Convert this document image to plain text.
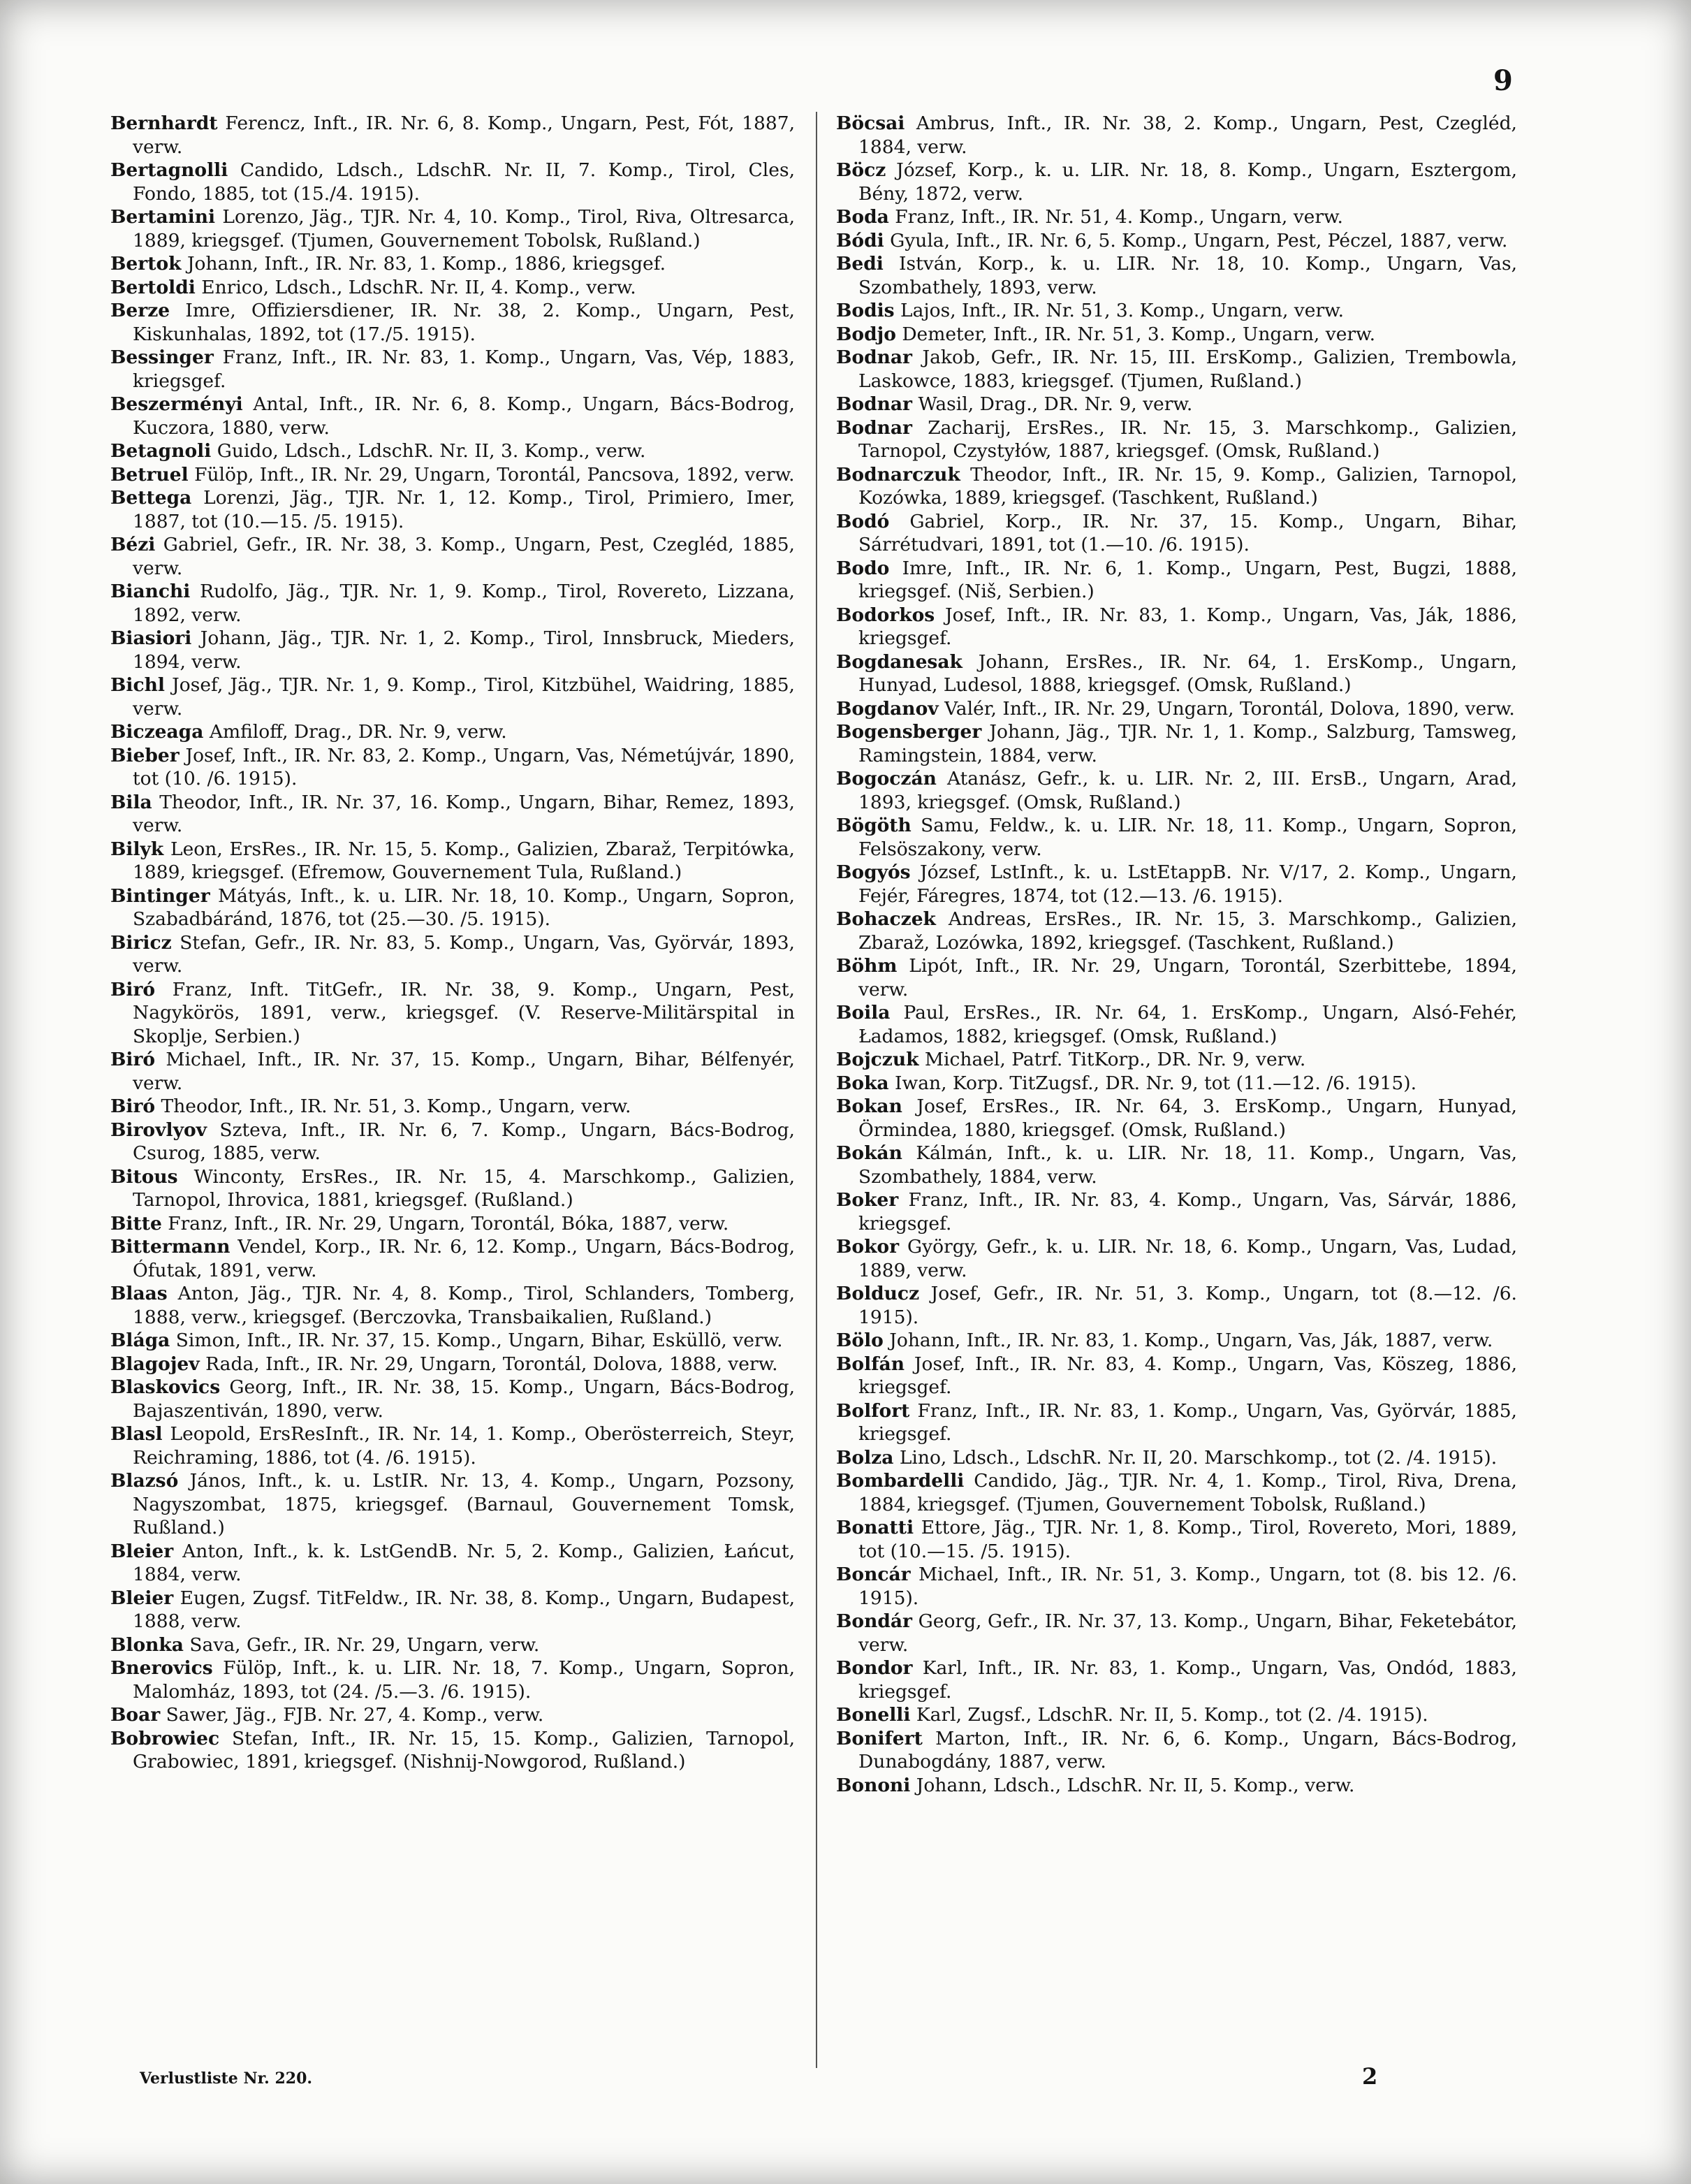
9
Bernhardt Ferencz, Inft., IR. Nr. 6, 8. Komp., Ungarn, Pest, Fót, 1887, verw.
Bertagnolli Candido, Ldsch., LdschR. Nr. II, 7. Komp., Tirol, Cles, Fondo, 1885, tot (15./4. 1915).
Bertamini Lorenzo, Jäg., TJR. Nr. 4, 10. Komp., Tirol, Riva, Oltresarca, 1889, kriegsgef. (Tjumen, Gouvernement Tobolsk, Rußland.)
Bertok Johann, Inft., IR. Nr. 83, 1. Komp., 1886, kriegsgef.
Bertoldi Enrico, Ldsch., LdschR. Nr. II, 4. Komp., verw.
Berze Imre, Offiziersdiener, IR. Nr. 38, 2. Komp., Ungarn, Pest, Kiskunhalas, 1892, tot (17./5. 1915).
Bessinger Franz, Inft., IR. Nr. 83, 1. Komp., Ungarn, Vas, Vép, 1883, kriegsgef.
Beszerményi Antal, Inft., IR. Nr. 6, 8. Komp., Ungarn, Bács-Bodrog, Kuczora, 1880, verw.
Betagnoli Guido, Ldsch., LdschR. Nr. II, 3. Komp., verw.
Betruel Fülöp, Inft., IR. Nr. 29, Ungarn, Torontál, Pancsova, 1892, verw.
Bettega Lorenzi, Jäg., TJR. Nr. 1, 12. Komp., Tirol, Primiero, Imer, 1887, tot (10.—15. /5. 1915).
Bézi Gabriel, Gefr., IR. Nr. 38, 3. Komp., Ungarn, Pest, Czegléd, 1885, verw.
Bianchi Rudolfo, Jäg., TJR. Nr. 1, 9. Komp., Tirol, Rovereto, Lizzana, 1892, verw.
Biasiori Johann, Jäg., TJR. Nr. 1, 2. Komp., Tirol, Innsbruck, Mieders, 1894, verw.
Bichl Josef, Jäg., TJR. Nr. 1, 9. Komp., Tirol, Kitzbühel, Waidring, 1885, verw.
Biczeaga Amfiloff, Drag., DR. Nr. 9, verw.
Bieber Josef, Inft., IR. Nr. 83, 2. Komp., Ungarn, Vas, Németújvár, 1890, tot (10. /6. 1915).
Bila Theodor, Inft., IR. Nr. 37, 16. Komp., Ungarn, Bihar, Remez, 1893, verw.
Bilyk Leon, ErsRes., IR. Nr. 15, 5. Komp., Galizien, Zbaraž, Terpitówka, 1889, kriegsgef. (Efremow, Gouvernement Tula, Rußland.)
Bintinger Mátyás, Inft., k. u. LIR. Nr. 18, 10. Komp., Ungarn, Sopron, Szabadbáránd, 1876, tot (25.—30. /5. 1915).
Biricz Stefan, Gefr., IR. Nr. 83, 5. Komp., Ungarn, Vas, Györvár, 1893, verw.
Biró Franz, Inft. TitGefr., IR. Nr. 38, 9. Komp., Ungarn, Pest, Nagykörös, 1891, verw., kriegsgef. (V. Reserve-Militärspital in Skoplje, Serbien.)
Biró Michael, Inft., IR. Nr. 37, 15. Komp., Ungarn, Bihar, Bélfenyér, verw.
Biró Theodor, Inft., IR. Nr. 51, 3. Komp., Ungarn, verw.
Birovlyov Szteva, Inft., IR. Nr. 6, 7. Komp., Ungarn, Bács-Bodrog, Csurog, 1885, verw.
Bitous Winconty, ErsRes., IR. Nr. 15, 4. Marschkomp., Galizien, Tarnopol, Ihrovica, 1881, kriegsgef. (Rußland.)
Bitte Franz, Inft., IR. Nr. 29, Ungarn, Torontál, Bóka, 1887, verw.
Bittermann Vendel, Korp., IR. Nr. 6, 12. Komp., Ungarn, Bács-Bodrog, Ófutak, 1891, verw.
Blaas Anton, Jäg., TJR. Nr. 4, 8. Komp., Tirol, Schlanders, Tomberg, 1888, verw., kriegsgef. (Berczovka, Transbaikalien, Rußland.)
Blága Simon, Inft., IR. Nr. 37, 15. Komp., Ungarn, Bihar, Esküllö, verw.
Blagojev Rada, Inft., IR. Nr. 29, Ungarn, Torontál, Dolova, 1888, verw.
Blaskovics Georg, Inft., IR. Nr. 38, 15. Komp., Ungarn, Bács-Bodrog, Bajaszentiván, 1890, verw.
Blasl Leopold, ErsResInft., IR. Nr. 14, 1. Komp., Oberösterreich, Steyr, Reichraming, 1886, tot (4. /6. 1915).
Blazsó János, Inft., k. u. LstIR. Nr. 13, 4. Komp., Ungarn, Pozsony, Nagyszombat, 1875, kriegsgef. (Barnaul, Gouvernement Tomsk, Rußland.)
Bleier Anton, Inft., k. k. LstGendB. Nr. 5, 2. Komp., Galizien, Łańcut, 1884, verw.
Bleier Eugen, Zugsf. TitFeldw., IR. Nr. 38, 8. Komp., Ungarn, Budapest, 1888, verw.
Blonka Sava, Gefr., IR. Nr. 29, Ungarn, verw.
Bnerovics Fülöp, Inft., k. u. LIR. Nr. 18, 7. Komp., Ungarn, Sopron, Malomház, 1893, tot (24. /5.—3. /6. 1915).
Boar Sawer, Jäg., FJB. Nr. 27, 4. Komp., verw.
Bobrowiec Stefan, Inft., IR. Nr. 15, 15. Komp., Galizien, Tarnopol, Grabowiec, 1891, kriegsgef. (Nishnij-Nowgorod, Rußland.)
Böcsai Ambrus, Inft., IR. Nr. 38, 2. Komp., Ungarn, Pest, Czegléd, 1884, verw.
Böcz József, Korp., k. u. LIR. Nr. 18, 8. Komp., Ungarn, Esztergom, Bény, 1872, verw.
Boda Franz, Inft., IR. Nr. 51, 4. Komp., Ungarn, verw.
Bódi Gyula, Inft., IR. Nr. 6, 5. Komp., Ungarn, Pest, Péczel, 1887, verw.
Bedi István, Korp., k. u. LIR. Nr. 18, 10. Komp., Ungarn, Vas, Szombathely, 1893, verw.
Bodis Lajos, Inft., IR. Nr. 51, 3. Komp., Ungarn, verw.
Bodjo Demeter, Inft., IR. Nr. 51, 3. Komp., Ungarn, verw.
Bodnar Jakob, Gefr., IR. Nr. 15, III. ErsKomp., Galizien, Trembowla, Laskowce, 1883, kriegsgef. (Tjumen, Rußland.)
Bodnar Wasil, Drag., DR. Nr. 9, verw.
Bodnar Zacharij, ErsRes., IR. Nr. 15, 3. Marschkomp., Galizien, Tarnopol, Czystyłów, 1887, kriegsgef. (Omsk, Rußland.)
Bodnarczuk Theodor, Inft., IR. Nr. 15, 9. Komp., Galizien, Tarnopol, Kozówka, 1889, kriegsgef. (Taschkent, Rußland.)
Bodó Gabriel, Korp., IR. Nr. 37, 15. Komp., Ungarn, Bihar, Sárrétudvari, 1891, tot (1.—10. /6. 1915).
Bodo Imre, Inft., IR. Nr. 6, 1. Komp., Ungarn, Pest, Bugzi, 1888, kriegsgef. (Niš, Serbien.)
Bodorkos Josef, Inft., IR. Nr. 83, 1. Komp., Ungarn, Vas, Ják, 1886, kriegsgef.
Bogdanesak Johann, ErsRes., IR. Nr. 64, 1. ErsKomp., Ungarn, Hunyad, Ludesol, 1888, kriegsgef. (Omsk, Rußland.)
Bogdanov Valér, Inft., IR. Nr. 29, Ungarn, Torontál, Dolova, 1890, verw.
Bogensberger Johann, Jäg., TJR. Nr. 1, 1. Komp., Salzburg, Tamsweg, Ramingstein, 1884, verw.
Bogoczán Atanász, Gefr., k. u. LIR. Nr. 2, III. ErsB., Ungarn, Arad, 1893, kriegsgef. (Omsk, Rußland.)
Bögöth Samu, Feldw., k. u. LIR. Nr. 18, 11. Komp., Ungarn, Sopron, Felsöszakony, verw.
Bogyós József, LstInft., k. u. LstEtappB. Nr. V/17, 2. Komp., Ungarn, Fejér, Fáregres, 1874, tot (12.—13. /6. 1915).
Bohaczek Andreas, ErsRes., IR. Nr. 15, 3. Marschkomp., Galizien, Zbaraž, Lozówka, 1892, kriegsgef. (Taschkent, Rußland.)
Böhm Lipót, Inft., IR. Nr. 29, Ungarn, Torontál, Szerbittebe, 1894, verw.
Boila Paul, ErsRes., IR. Nr. 64, 1. ErsKomp., Ungarn, Alsó-Fehér, Ładamos, 1882, kriegsgef. (Omsk, Rußland.)
Bojczuk Michael, Patrf. TitKorp., DR. Nr. 9, verw.
Boka Iwan, Korp. TitZugsf., DR. Nr. 9, tot (11.—12. /6. 1915).
Bokan Josef, ErsRes., IR. Nr. 64, 3. ErsKomp., Ungarn, Hunyad, Örmindea, 1880, kriegsgef. (Omsk, Rußland.)
Bokán Kálmán, Inft., k. u. LIR. Nr. 18, 11. Komp., Ungarn, Vas, Szombathely, 1884, verw.
Boker Franz, Inft., IR. Nr. 83, 4. Komp., Ungarn, Vas, Sárvár, 1886, kriegsgef.
Bokor György, Gefr., k. u. LIR. Nr. 18, 6. Komp., Ungarn, Vas, Ludad, 1889, verw.
Bolducz Josef, Gefr., IR. Nr. 51, 3. Komp., Ungarn, tot (8.—12. /6. 1915).
Bölo Johann, Inft., IR. Nr. 83, 1. Komp., Ungarn, Vas, Ják, 1887, verw.
Bolfán Josef, Inft., IR. Nr. 83, 4. Komp., Ungarn, Vas, Köszeg, 1886, kriegsgef.
Bolfort Franz, Inft., IR. Nr. 83, 1. Komp., Ungarn, Vas, Györvár, 1885, kriegsgef.
Bolza Lino, Ldsch., LdschR. Nr. II, 20. Marschkomp., tot (2. /4. 1915).
Bombardelli Candido, Jäg., TJR. Nr. 4, 1. Komp., Tirol, Riva, Drena, 1884, kriegsgef. (Tjumen, Gouvernement Tobolsk, Rußland.)
Bonatti Ettore, Jäg., TJR. Nr. 1, 8. Komp., Tirol, Rovereto, Mori, 1889, tot (10.—15. /5. 1915).
Boncár Michael, Inft., IR. Nr. 51, 3. Komp., Ungarn, tot (8. bis 12. /6. 1915).
Bondár Georg, Gefr., IR. Nr. 37, 13. Komp., Ungarn, Bihar, Feketebátor, verw.
Bondor Karl, Inft., IR. Nr. 83, 1. Komp., Ungarn, Vas, Ondód, 1883, kriegsgef.
Bonelli Karl, Zugsf., LdschR. Nr. II, 5. Komp., tot (2. /4. 1915).
Bonifert Marton, Inft., IR. Nr. 6, 6. Komp., Ungarn, Bács-Bodrog, Dunabogdány, 1887, verw.
Bononi Johann, Ldsch., LdschR. Nr. II, 5. Komp., verw.
Verlustliste Nr. 220.	2
